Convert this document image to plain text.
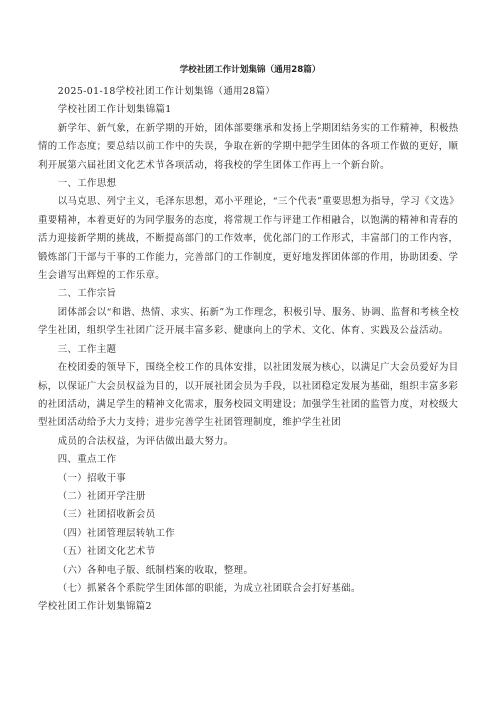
学校社团工作计划集锦（通用28篇）
2025-01-18学校社团工作计划集锦（通用28篇）
学校社团工作计划集锦篇1
新学年、新气象，在新学期的开始，团体部要继承和发扬上学期团结务实的工作精神，积极热情的工作态度；要总结以前工作中的失误，争取在新的学期中把学生团体的各项工作做的更好，顺利开展第六届社团文化艺术节各项活动，将我校的学生团体工作再上一个新台阶。
一、工作思想
以马克思、列宁主义，毛泽东思想，邓小平理论，“三个代表”重要思想为指导，学习《文选》重要精神，本着更好的为同学服务的态度，将常规工作与评建工作相融合，以饱满的精神和青春的活力迎接新学期的挑战，不断提高部门的工作效率，优化部门的工作形式，丰富部门的工作内容，锻炼部门干部与干事的工作能力，完善部门的工作制度，更好地发挥团体部的作用，协助团委、学生会谱写出辉煌的工作乐章。
二、工作宗旨
团体部会以“和谐、热情、求实、拓新”为工作理念，积极引导、服务、协调、监督和考核全校学生社团，组织学生社团广泛开展丰富多彩、健康向上的学术、文化、体育、实践及公益活动。
三、工作主题
在校团委的领导下，围绕全校工作的具体安排，以社团发展为核心，以满足广大会员爱好为目标，以保证广大会员权益为目的，以开展社团会员为手段，以社团稳定发展为基础，组织丰富多彩的社团活动，满足学生的精神文化需求，服务校园文明建设；加强学生社团的监管力度，对校级大型社团活动给予大力支持；进步完善学生社团管理制度，维护学生社团
成员的合法权益，为评估做出最大努力。
四、重点工作
（一）招收干事
（二）社团开学注册
（三）社团招收新会员
（四）社团管理层转轨工作
（五）社团文化艺术节
（六）各种电子版、纸制档案的收取，整理。
（七）抓紧各个系院学生团体部的职能，为成立社团联合会打好基础。
学校社团工作计划集锦篇2
